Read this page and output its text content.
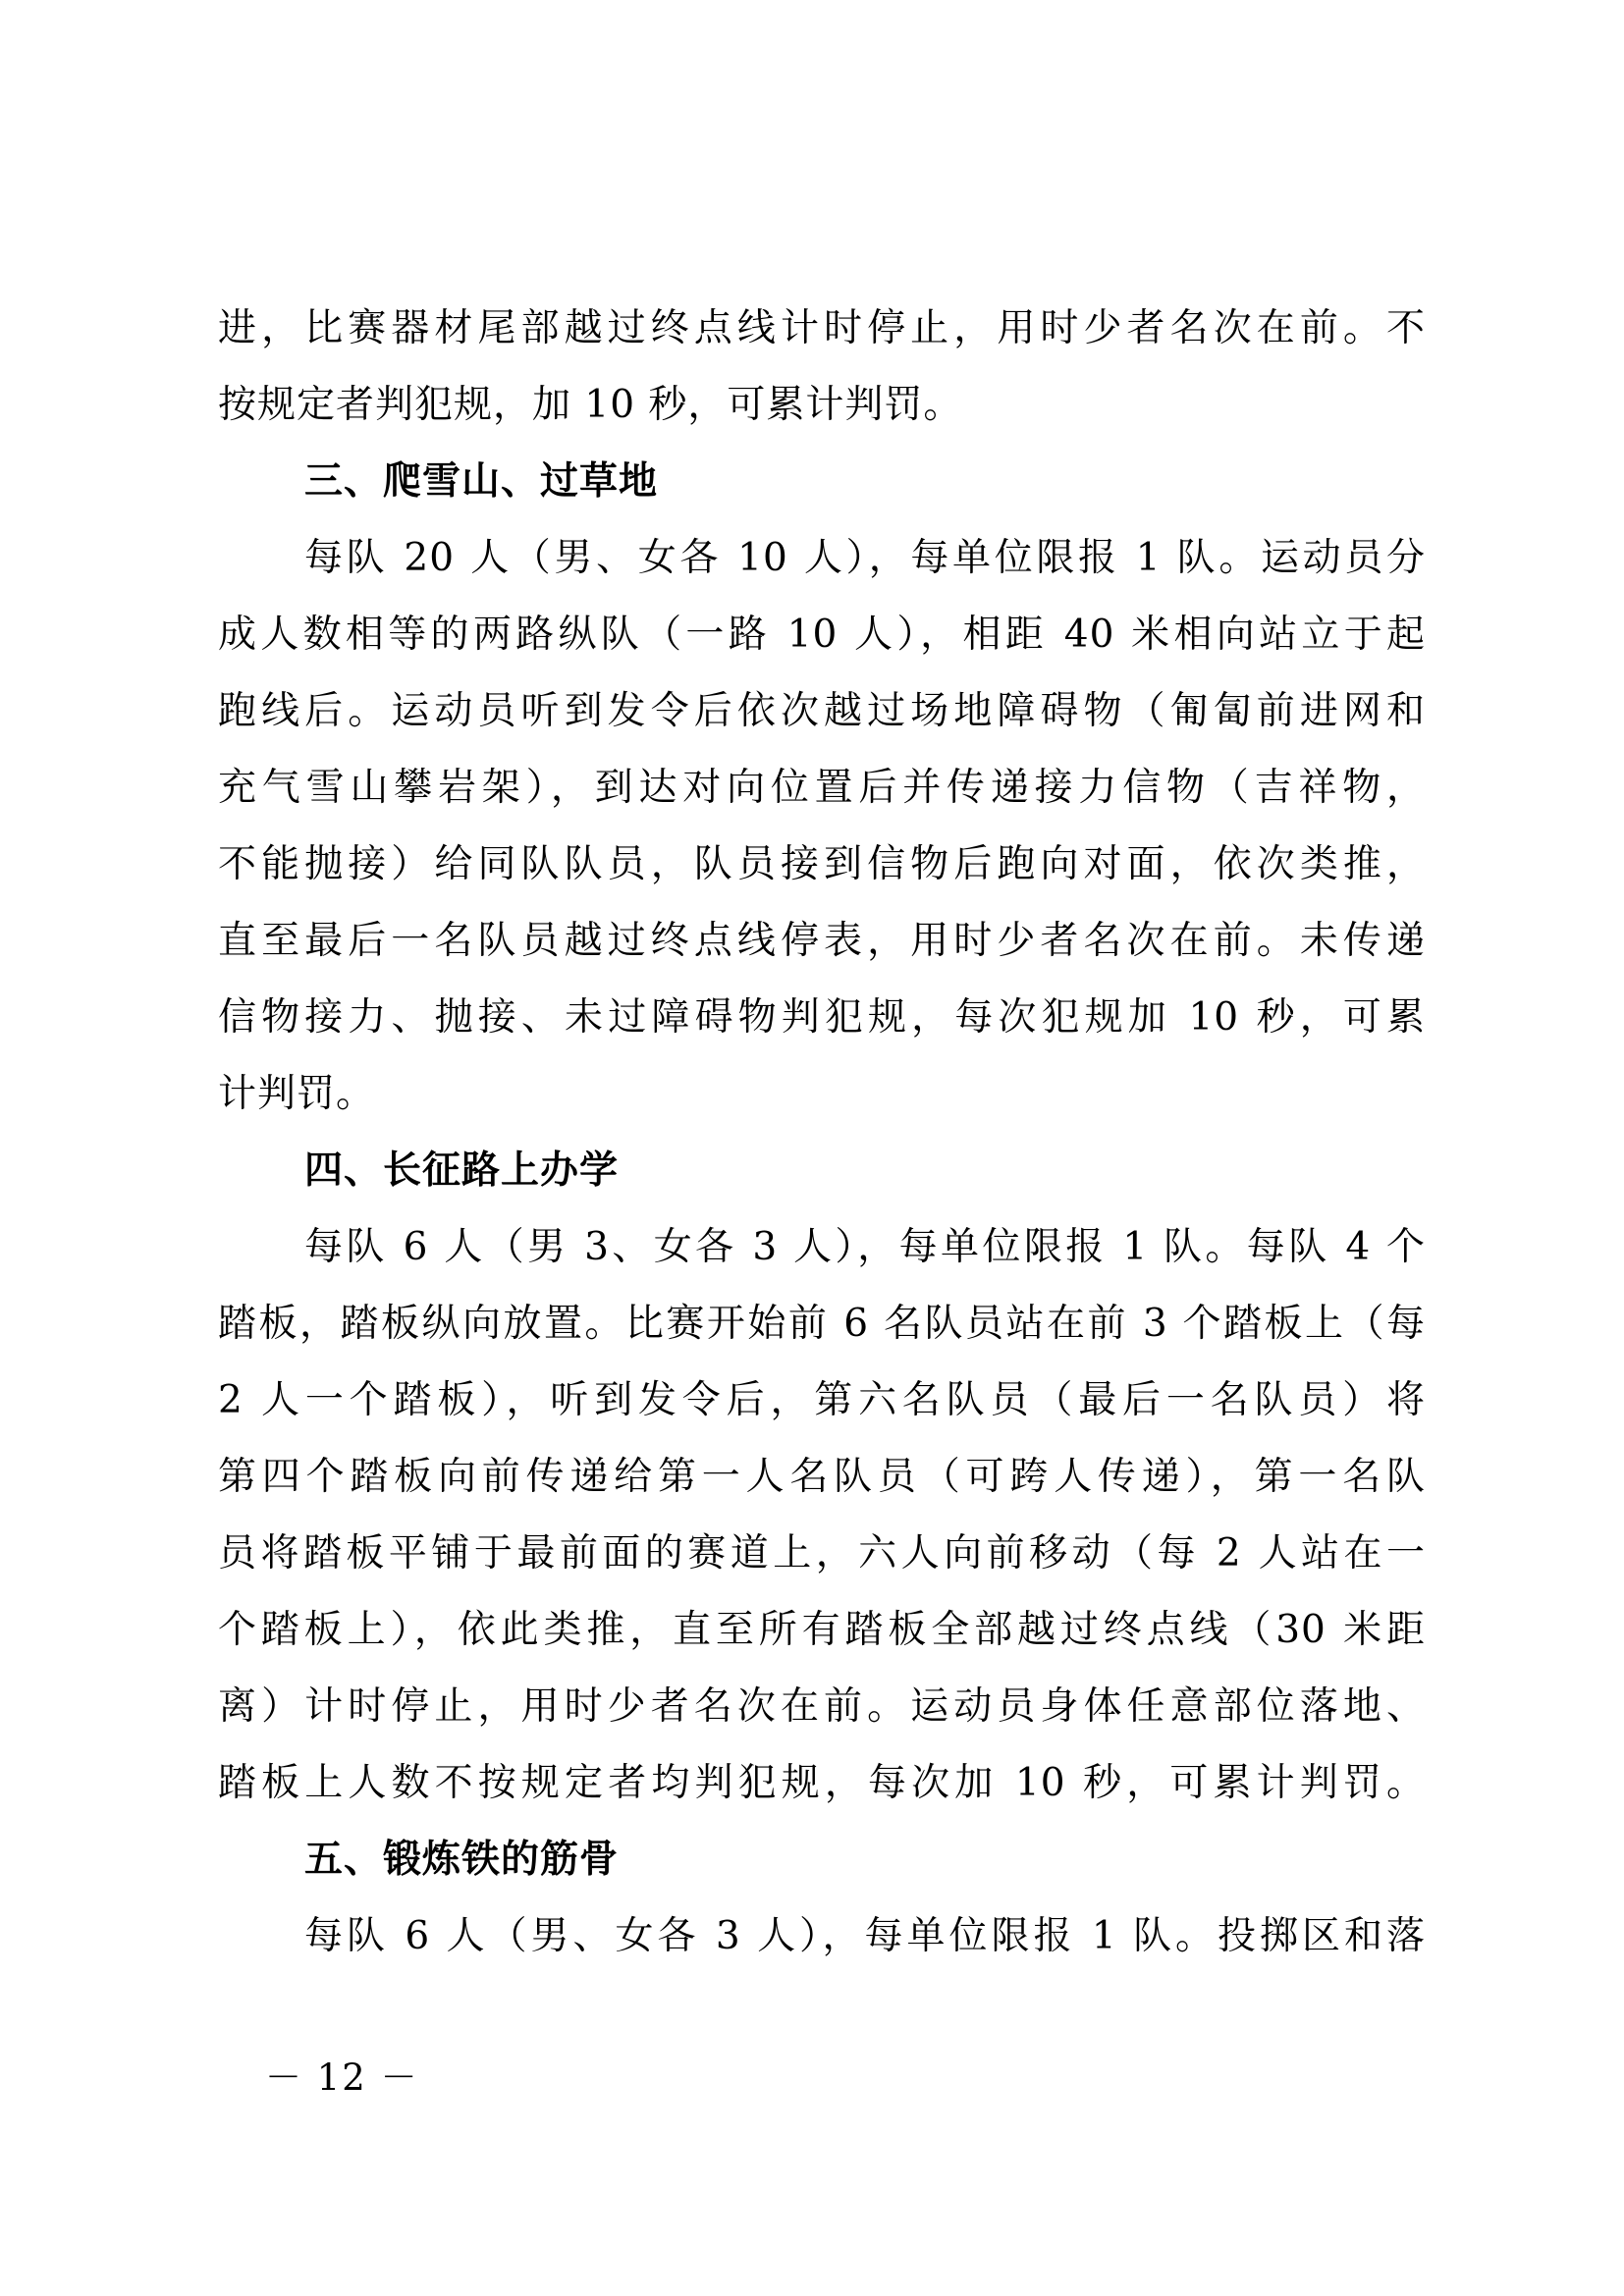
进，比赛器材尾部越过终点线计时停止，用时少者名次在前。不
按规定者判犯规，加 10 秒，可累计判罚。
三、爬雪山、过草地
每队 20 人（男、女各 10 人），每单位限报 1 队。运动员分
成人数相等的两路纵队（一路 10 人），相距 40 米相向站立于起
跑线后。运动员听到发令后依次越过场地障碍物（匍匐前进网和
充气雪山攀岩架），到达对向位置后并传递接力信物（吉祥物，
不能抛接）给同队队员，队员接到信物后跑向对面，依次类推，
直至最后一名队员越过终点线停表，用时少者名次在前。未传递
信物接力、抛接、未过障碍物判犯规，每次犯规加 10 秒，可累
计判罚。
四、长征路上办学
每队 6 人（男 3、女各 3 人），每单位限报 1 队。每队 4 个
踏板，踏板纵向放置。比赛开始前 6 名队员站在前 3 个踏板上（每
2 人一个踏板），听到发令后，第六名队员（最后一名队员）将
第四个踏板向前传递给第一人名队员（可跨人传递），第一名队
员将踏板平铺于最前面的赛道上，六人向前移动（每 2 人站在一
个踏板上），依此类推，直至所有踏板全部越过终点线（30 米距
离）计时停止，用时少者名次在前。运动员身体任意部位落地、
踏板上人数不按规定者均判犯规，每次加 10 秒，可累计判罚。
五、锻炼铁的筋骨
每队 6 人（男、女各 3 人），每单位限报 1 队。投掷区和落
－ 12 －
